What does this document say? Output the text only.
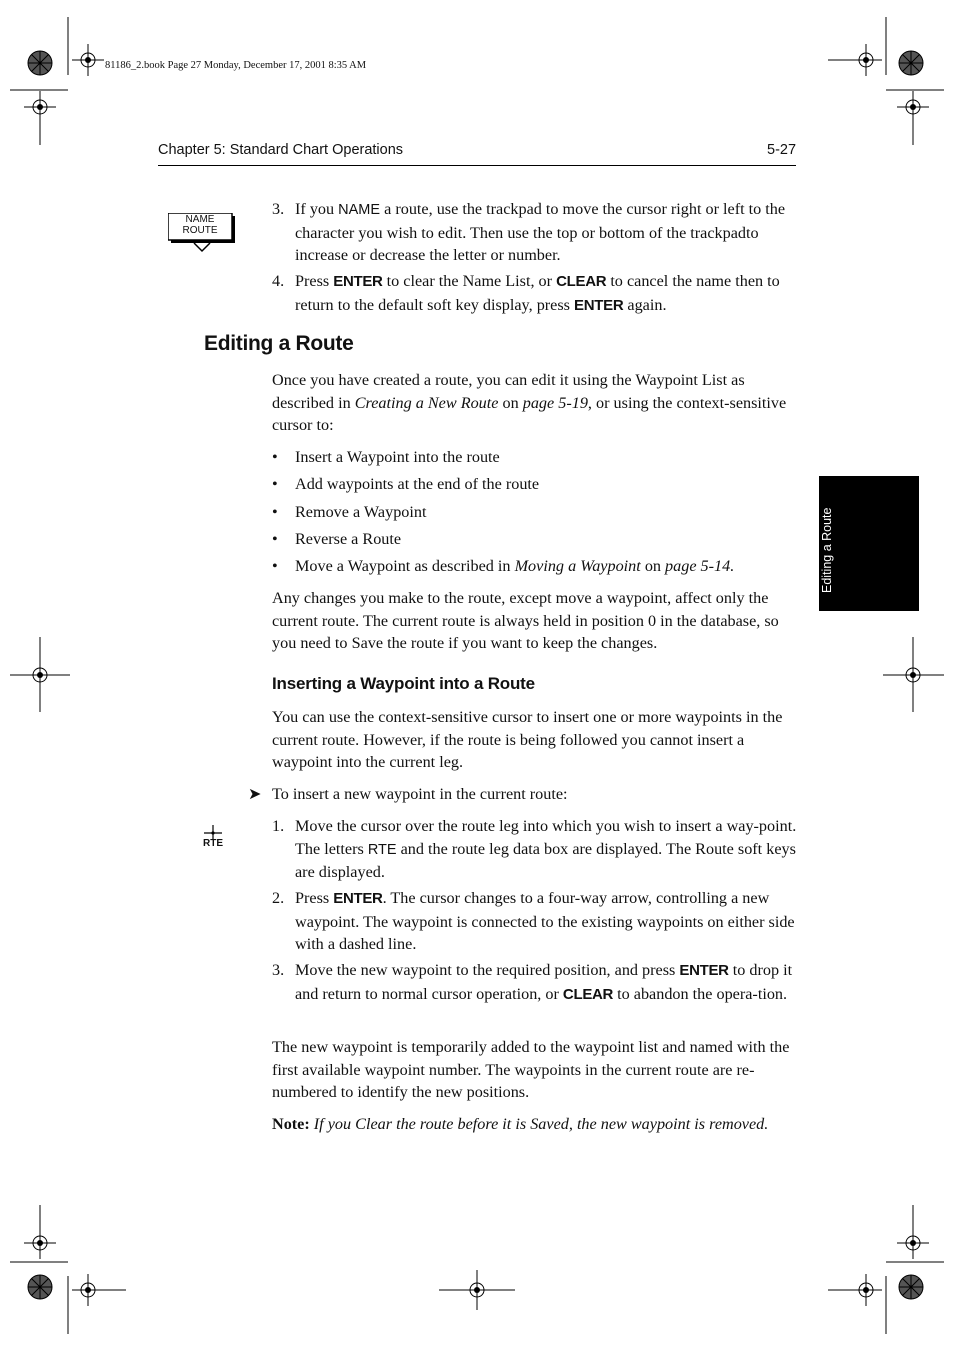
81186_2.book Page 27 Monday, December 17, 2001 8:35 AM
Chapter 5: Standard Chart Operations	5-27
Editing a Route
NAME
ROUTE
3. If you NAME a route, use the trackpad to move the cursor right or left to the character you wish to edit. Then use the top or bottom of the trackpadto increase or decrease the letter or number.
4. Press ENTER to clear the Name List, or CLEAR to cancel the name then to return to the default soft key display, press ENTER again.
Editing a Route
Once you have created a route, you can edit it using the Waypoint List as described in Creating a New Route on page 5-19, or using the context-sensitive cursor to:
• Insert a Waypoint into the route
• Add waypoints at the end of the route
• Remove a Waypoint
• Reverse a Route
• Move a Waypoint as described in Moving a Waypoint on page 5-14.
Any changes you make to the route, except move a waypoint, affect only the current route. The current route is always held in position 0 in the database, so you need to Save the route if you want to keep the changes.
Inserting a Waypoint into a Route
You can use the context-sensitive cursor to insert one or more waypoints in the current route. However, if the route is being followed you cannot insert a waypoint into the current leg.
➤ To insert a new waypoint in the current route:
RTE
1. Move the cursor over the route leg into which you wish to insert a way-point. The letters RTE and the route leg data box are displayed. The Route soft keys are displayed.
2. Press ENTER. The cursor changes to a four-way arrow, controlling a new waypoint. The waypoint is connected to the existing waypoints on either side with a dashed line.
3. Move the new waypoint to the required position, and press ENTER to drop it and return to normal cursor operation, or CLEAR to abandon the opera-tion.
The new waypoint is temporarily added to the waypoint list and named with the first available waypoint number. The waypoints in the current route are re-numbered to identify the new positions.
Note: If you Clear the route before it is Saved, the new waypoint is removed.
